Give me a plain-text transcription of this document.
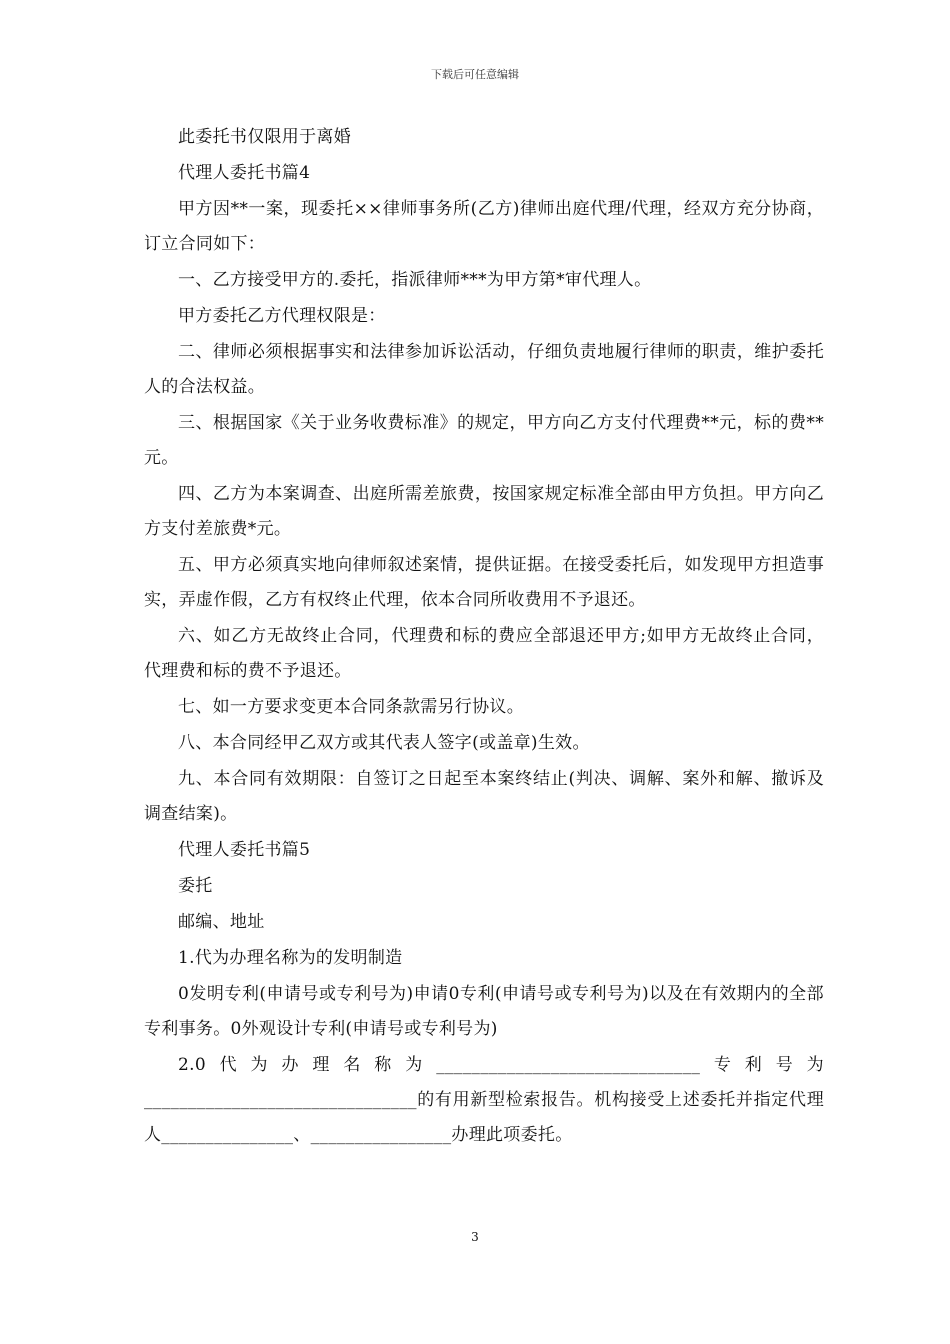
下载后可任意编辑

此委托书仅限用于离婚

代理人委托书篇4

甲方因**一案，现委托××律师事务所(乙方)律师出庭代理/代理，经双方充分协商，订立合同如下：

一、乙方接受甲方的.委托，指派律师***为甲方第*审代理人。

甲方委托乙方代理权限是：

二、律师必须根据事实和法律参加诉讼活动，仔细负责地履行律师的职责，维护委托人的合法权益。

三、根据国家《关于业务收费标准》的规定，甲方向乙方支付代理费**元，标的费**元。

四、乙方为本案调查、出庭所需差旅费，按国家规定标准全部由甲方负担。甲方向乙方支付差旅费*元。

五、甲方必须真实地向律师叙述案情，提供证据。在接受委托后，如发现甲方担造事实，弄虚作假，乙方有权终止代理，依本合同所收费用不予退还。

六、如乙方无故终止合同，代理费和标的费应全部退还甲方;如甲方无故终止合同，代理费和标的费不予退还。

七、如一方要求变更本合同条款需另行协议。

八、本合同经甲乙双方或其代表人签字(或盖章)生效。

九、本合同有效期限：自签订之日起至本案终结止(判决、调解、案外和解、撤诉及调查结案)。

代理人委托书篇5

委托

邮编、地址

1.代为办理名称为的发明制造

0发明专利(申请号或专利号为)申请0专利(申请号或专利号为)以及在有效期内的全部专利事务。0外观设计专利(申请号或专利号为)

2.0代为办理名称为______________________________专利号为_______________________________的有用新型检索报告。机构接受上述委托并指定代理人_______________、________________办理此项委托。

3
